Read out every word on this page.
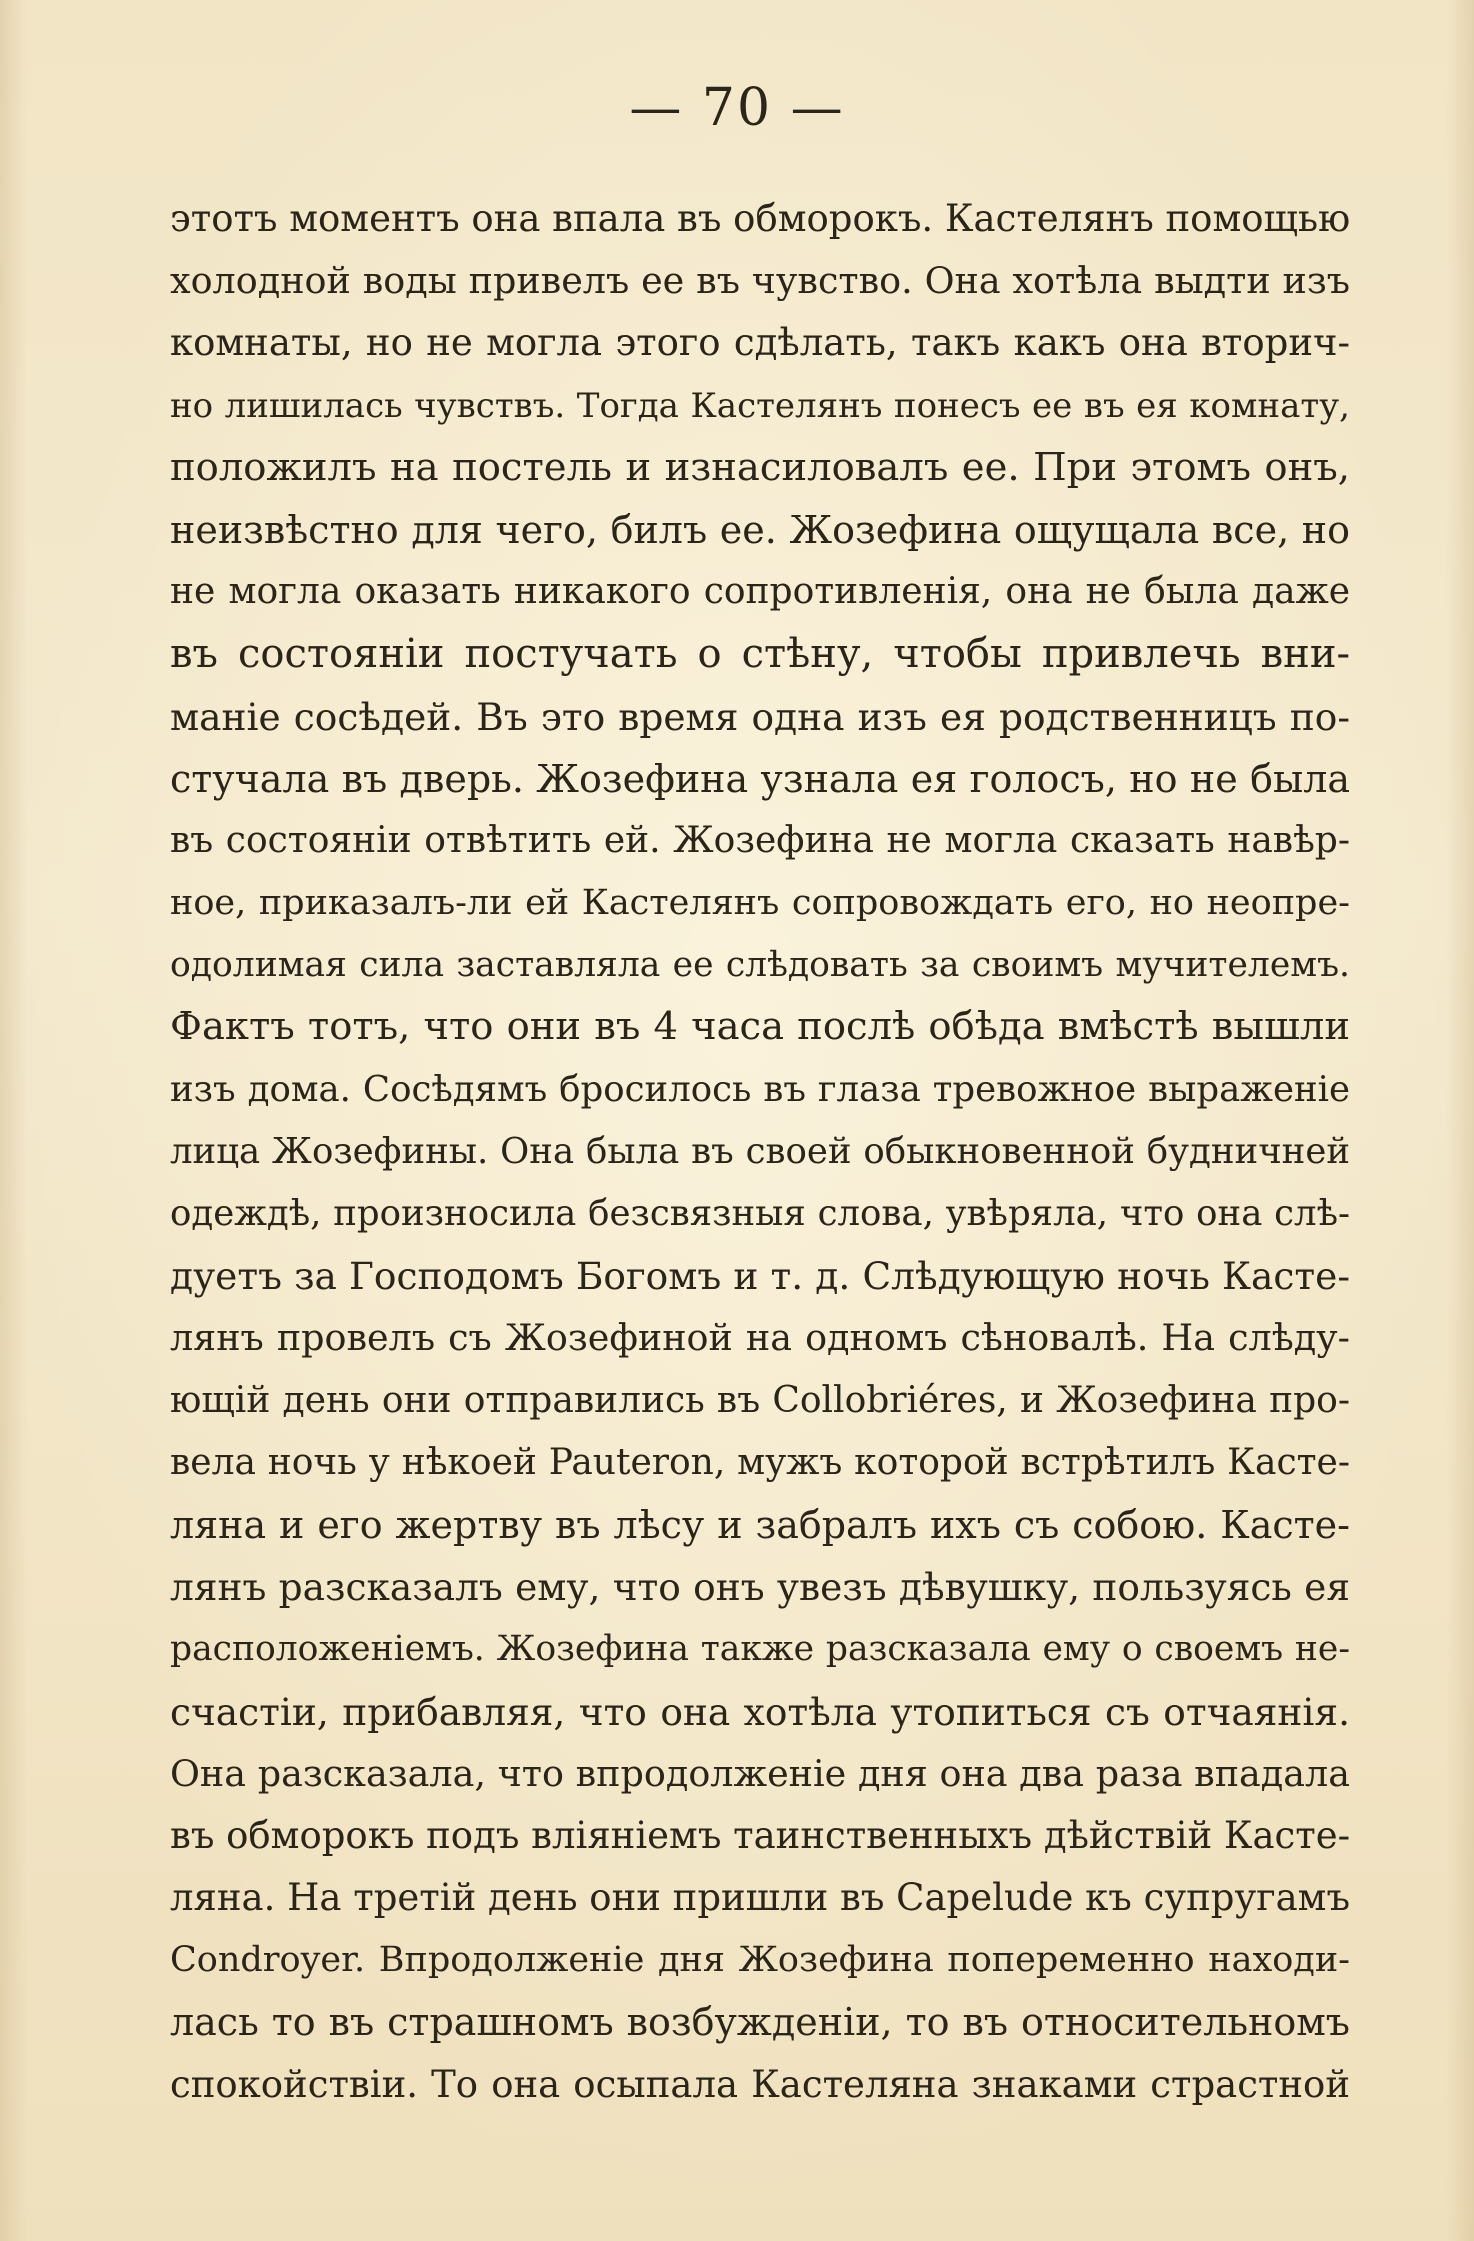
— 70 —
этотъ моментъ она впала въ обморокъ. Кастелянъ помощью
холодной воды привелъ ее въ чувство. Она хотѣла выдти изъ
комнаты, но не могла этого сдѣлать, такъ какъ она вторич-
но лишилась чувствъ. Тогда Кастелянъ понесъ ее въ ея комнату,
положилъ на постель и изнасиловалъ ее. При этомъ онъ,
неизвѣстно для чего, билъ ее. Жозефина ощущала все, но
не могла оказать никакого сопротивленія, она не была даже
въ состояніи постучать о стѣну, чтобы привлечь вни-
маніе сосѣдей. Въ это время одна изъ ея родственницъ по-
стучала въ дверь. Жозефина узнала ея голосъ, но не была
въ состояніи отвѣтить ей. Жозефина не могла сказать навѣр-
ное, приказалъ-ли ей Кастелянъ сопровождать его, но неопре-
одолимая сила заставляла ее слѣдовать за своимъ мучителемъ.
Фактъ тотъ, что они въ 4 часа послѣ обѣда вмѣстѣ вышли
изъ дома. Сосѣдямъ бросилось въ глаза тревожное выраженіе
лица Жозефины. Она была въ своей обыкновенной будничней
одеждѣ, произносила безсвязныя слова, увѣряла, что она слѣ-
дуетъ за Господомъ Богомъ и т. д. Слѣдующую ночь Касте-
лянъ провелъ съ Жозефиной на одномъ сѣновалѣ. На слѣду-
ющій день они отправились въ Collobriéres, и Жозефина про-
вела ночь у нѣкоей Pauteron, мужъ которой встрѣтилъ Касте-
ляна и его жертву въ лѣсу и забралъ ихъ съ собою. Касте-
лянъ разсказалъ ему, что онъ увезъ дѣвушку, пользуясь ея
расположеніемъ. Жозефина также разсказала ему о своемъ не-
счастіи, прибавляя, что она хотѣла утопиться съ отчаянія.
Она разсказала, что впродолженіе дня она два раза впадала
въ обморокъ подъ вліяніемъ таинственныхъ дѣйствій Касте-
ляна. На третій день они пришли въ Capelude къ супругамъ
Condroyer. Впродолженіе дня Жозефина попеременно находи-
лась то въ страшномъ возбужденіи, то въ относительномъ
спокойствіи. То она осыпала Кастеляна знаками страстной
